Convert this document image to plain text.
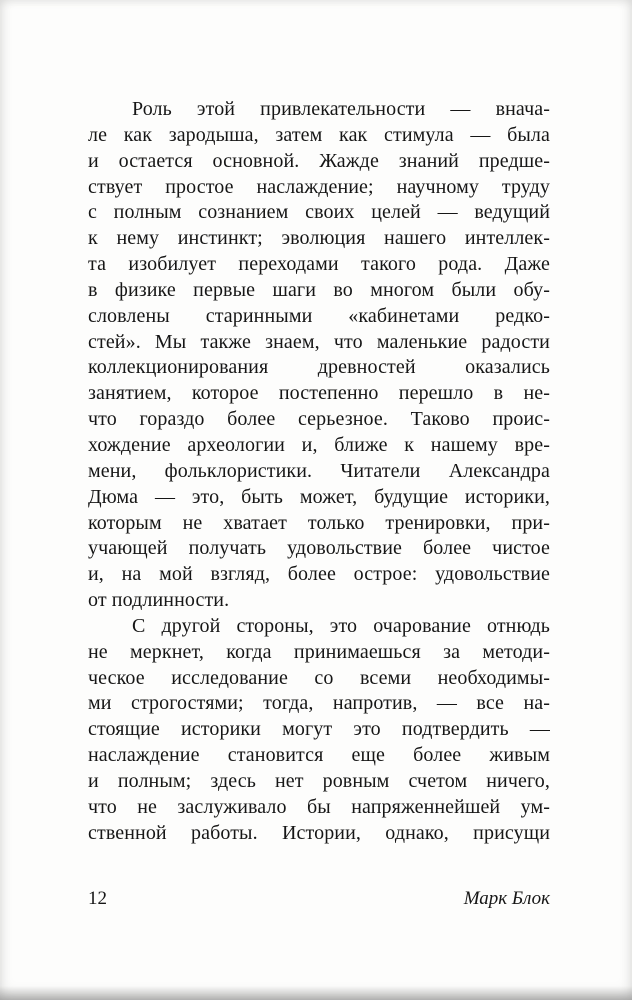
Роль этой привлекательности — внача-
ле как зародыша, затем как стимула — была
и остается основной. Жажде знаний предше-
ствует простое наслаждение; научному труду
с полным сознанием своих целей — ведущий
к нему инстинкт; эволюция нашего интеллек-
та изобилует переходами такого рода. Даже
в физике первые шаги во многом были обу-
словлены старинными «кабинетами редко-
стей». Мы также знаем, что маленькие радости
коллекционирования древностей оказались
занятием, которое постепенно перешло в не-
что гораздо более серьезное. Таково проис-
хождение археологии и, ближе к нашему вре-
мени, фольклористики. Читатели Александра
Дюма — это, быть может, будущие историки,
которым не хватает только тренировки, при-
учающей получать удовольствие более чистое
и, на мой взгляд, более острое: удовольствие
от подлинности.
С другой стороны, это очарование отнюдь
не меркнет, когда принимаешься за методи-
ческое исследование со всеми необходимы-
ми строгостями; тогда, напротив, — все на-
стоящие историки могут это подтвердить —
наслаждение становится еще более живым
и полным; здесь нет ровным счетом ничего,
что не заслуживало бы напряженнейшей ум-
ственной работы. Истории, однако, присущи
12	Марк Блок
